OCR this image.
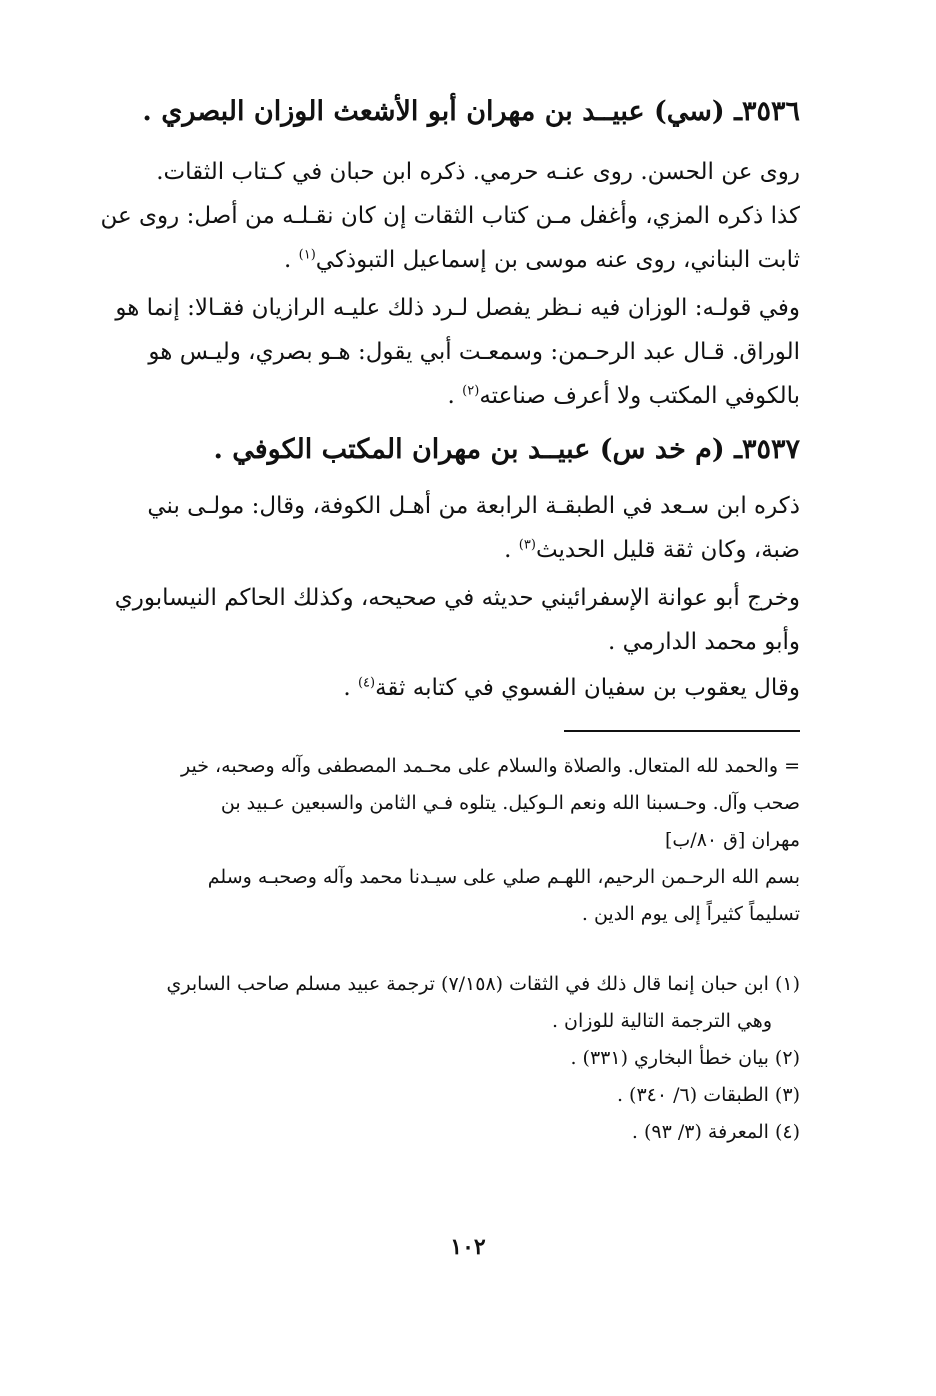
٣٥٣٦ـ (سي) عبيــد بن مهران أبو الأشعث الوزان البصري .
روى عن الحسن. روى عنـه حرمي. ذكره ابن حبان في كـتاب الثقات.
كذا ذكره المزي، وأغفل مـن كتاب الثقات إن كان نقـلـه من أصل: روى عن
ثابت البناني، روى عنه موسى بن إسماعيل التبوذكي$^{(١)}$ .
وفي قولـه: الوزان فيه نـظر يفصل لـرد ذلك عليـه الرازيان فقـالا: إنما هو
الوراق. قـال عبد الرحـمن: وسمعـت أبي يقول: هـو بصري، وليـس هو
بالكوفي المكتب ولا أعرف صناعته$^{(٢)}$ .
٣٥٣٧ـ (م خد س) عبيــد بن مهران المكتب الكوفي .
ذكره ابن سـعد في الطبقـة الرابعة من أهـل الكوفة، وقال: مولـى بني
ضبة، وكان ثقة قليل الحديث$^{(٣)}$ .
وخرج أبو عوانة الإسفرائيني حديثه في صحيحه، وكذلك الحاكم النيسابوري
وأبو محمد الدارمي .
وقال يعقوب بن سفيان الفسوي في كتابه ثقة$^{(٤)}$ .
= والحمد لله المتعال. والصلاة والسلام على محـمد المصطفى وآله وصحبه، خير
صحب وآل. وحـسبنا الله ونعم الـوكيل. يتلوه فـي الثامن والسبعين عـبيد بن
مهران [ق ٨٠/ب]
بسم الله الرحـمن الرحيم، اللهـم صلي على سيـدنا محمد وآله وصحبـه وسلم
تسليماً كثيراً إلى يوم الدين .
(١) ابن حبان إنما قال ذلك في الثقات (٧/١٥٨) ترجمة عبيد مسلم صاحب السابري
وهي الترجمة التالية للوزان .
(٢) بيان خطأ البخاري (٣٣١) .
(٣) الطبقات (٦/ ٣٤٠) .
(٤) المعرفة (٣/ ٩٣) .
١٠٢
